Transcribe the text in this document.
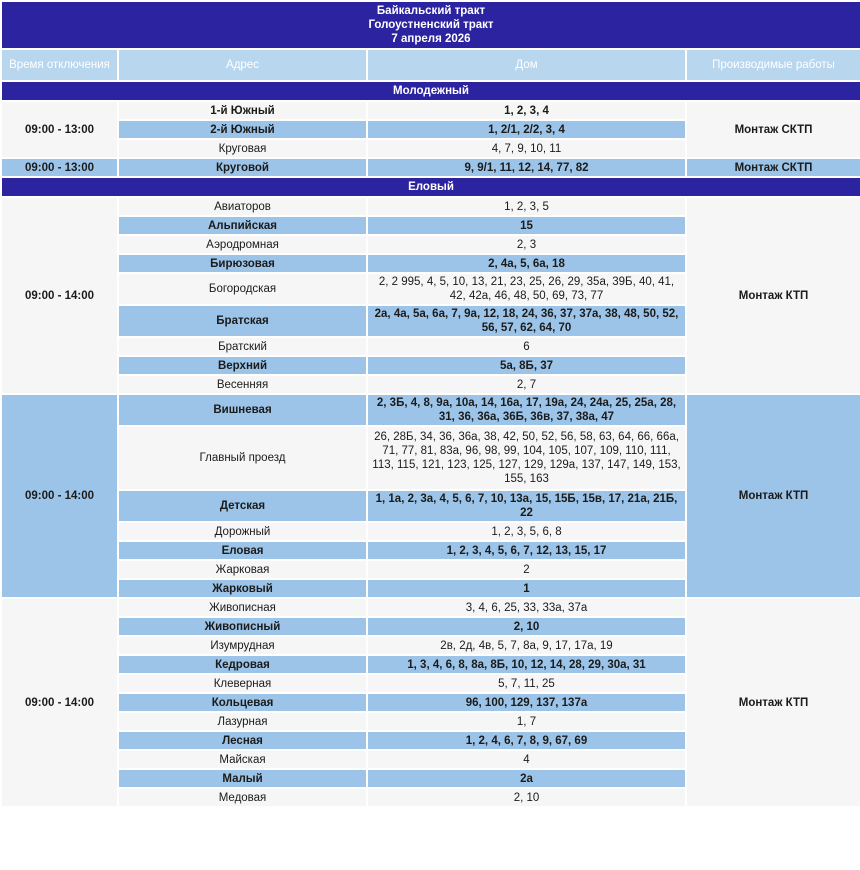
Байкальский тракт
Голоустненский тракт
7 апреля 2026			

Время отключения	Адрес	Дом	Производимые работы
Молодежный			
09:00 - 13:00	1-й Южный	1, 2, 3, 4	Монтаж СКТП
	2-й Южный	1, 2/1, 2/2, 3, 4	
	Круговая	4, 7, 9, 10, 11	
09:00 - 13:00	Круговой	9, 9/1, 11, 12, 14, 77, 82	Монтаж СКТП
Еловый			
09:00 - 14:00	Авиаторов	1, 2, 3, 5	Монтаж КТП
	Альпийская	15	
	Аэродромная	2, 3	
	Бирюзовая	2, 4а, 5, 6а, 18	
	Богородская	2, 2 995, 4, 5, 10, 13, 21, 23, 25, 26, 29, 35а, 39Б, 40, 41, 42, 42а, 46, 48, 50, 69, 73, 77	
	Братская	2а, 4а, 5а, 6а, 7, 9а, 12, 18, 24, 36, 37, 37а, 38, 48, 50, 52, 56, 57, 62, 64, 70	
	Братский	6	
	Верхний	5а, 8Б, 37	
	Весенняя	2, 7	
09:00 - 14:00	Вишневая	2, 3Б, 4, 8, 9а, 10а, 14, 16а, 17, 19а, 24, 24а, 25, 25а, 28, 31, 36, 36а, 36Б, 36в, 37, 38а, 47	Монтаж КТП
	Главный проезд	26, 28Б, 34, 36, 36а, 38, 42, 50, 52, 56, 58, 63, 64, 66, 66а, 71, 77, 81, 83а, 96, 98, 99, 104, 105, 107, 109, 110, 111, 113, 115, 121, 123, 125, 127, 129, 129а, 137, 147, 149, 153, 155, 163	
	Детская	1, 1а, 2, 3а, 4, 5, 6, 7, 10, 13а, 15, 15Б, 15в, 17, 21а, 21Б, 22	
	Дорожный	1, 2, 3, 5, 6, 8	
	Еловая	1, 2, 3, 4, 5, 6, 7, 12, 13, 15, 17	
	Жарковая	2	
	Жарковый	1	
09:00 - 14:00	Живописная	3, 4, 6, 25, 33, 33а, 37а	Монтаж КТП
	Живописный	2, 10	
	Изумрудная	2в, 2д, 4в, 5, 7, 8а, 9, 17, 17а, 19	
	Кедровая	1, 3, 4, 6, 8, 8а, 8Б, 10, 12, 14, 28, 29, 30а, 31	
	Клеверная	5, 7, 11, 25	
	Кольцевая	96, 100, 129, 137, 137а	
	Лазурная	1, 7	
	Лесная	1, 2, 4, 6, 7, 8, 9, 67, 69	
	Майская	4	
	Малый	2а	
	Медовая	2, 10	
